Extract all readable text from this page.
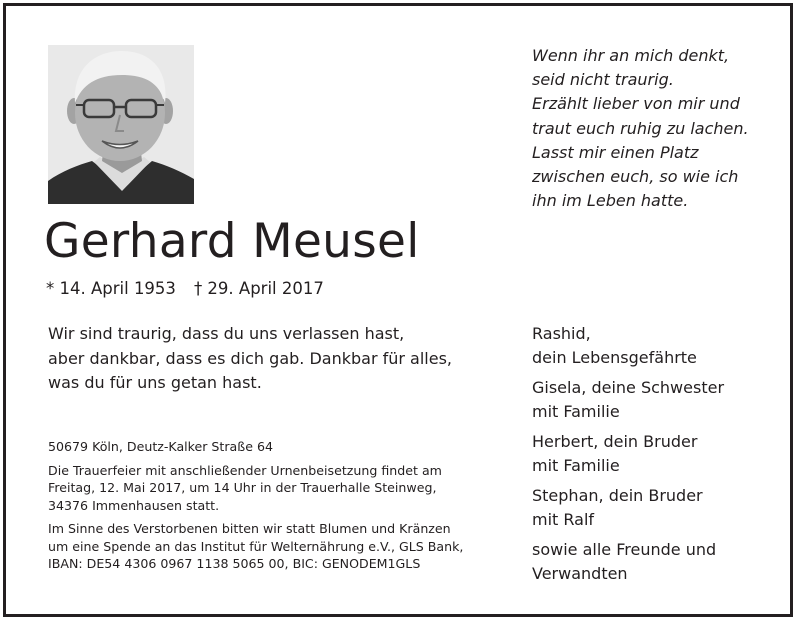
Wenn ihr an mich denkt,
seid nicht traurig.
Erzählt lieber von mir und
traut euch ruhig zu lachen.
Lasst mir einen Platz
zwischen euch, so wie ich
ihn im Leben hatte.
Gerhard Meusel
* 14. April 1953 † 29. April 2017
Wir sind traurig, dass du uns verlassen hast,
aber dankbar, dass es dich gab. Dankbar für alles,
was du für uns getan hast.
50679 Köln, Deutz-Kalker Straße 64
Die Trauerfeier mit anschließender Urnenbeisetzung findet am
Freitag, 12. Mai 2017, um 14 Uhr in der Trauerhalle Steinweg,
34376 Immenhausen statt.
Im Sinne des Verstorbenen bitten wir statt Blumen und Kränzen
um eine Spende an das Institut für Welternährung e.V., GLS Bank,
IBAN: DE54 4306 0967 1138 5065 00, BIC: GENODEM1GLS
Rashid,
dein Lebensgefährte
Gisela, deine Schwester
mit Familie
Herbert, dein Bruder
mit Familie
Stephan, dein Bruder
mit Ralf
sowie alle Freunde und
Verwandten
